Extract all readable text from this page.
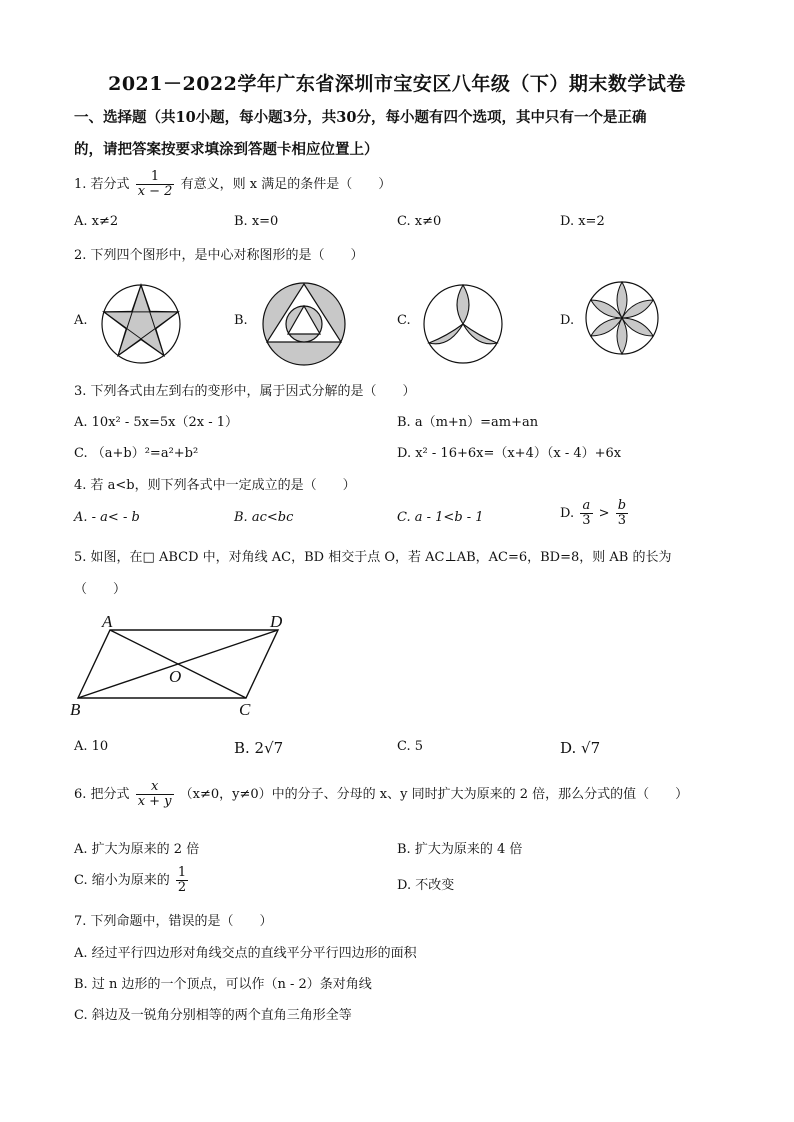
2021－2022学年广东省深圳市宝安区八年级（下）期末数学试卷
一、选择题（共10小题，每小题3分，共30分，每小题有四个选项，其中只有一个是正确
的，请把答案按要求填涂到答题卡相应位置上）
1. 若分式 $\frac{1}{x - 2}$ 有意义，则 x 满足的条件是（　　）
A. x≠2	B. x=0	C. x≠0	D. x=2
2. 下列四个图形中，是中心对称图形的是（　　）
A.	B.	C.	D.
3. 下列各式由左到右的变形中，属于因式分解的是（　　）
A. 10x² - 5x=5x（2x - 1）	B. a（m+n）=am+an
C. （a+b）²=a²+b²	D. x² - 16+6x=（x+4）（x - 4）+6x
4. 若 a<b，则下列各式中一定成立的是（　　）
A. - a< - b	B. ac<bc	C. a - 1<b - 1	D. $\frac{a}{3} > \frac{b}{3}$
5. 如图，在□ ABCD 中，对角线 AC，BD 相交于点 O，若 AC⊥AB，AC=6，BD=8，则 AB 的长为
（　　）
A	D
O
B	C
A. 10	B. 2√7	C. 5	D. √7
6. 把分式 $\frac{x}{x + y} (x\ne 0$，y≠0）中的分子、分母的 x、y 同时扩大为原来的 2 倍，那么分式的值（　　）
A. 扩大为原来的 2 倍	B. 扩大为原来的 4 倍
C. 缩小为原来的 $\frac{1}{2}$	D. 不改变
7. 下列命题中，错误的是（　　）
A. 经过平行四边形对角线交点的直线平分平行四边形的面积
B. 过 n 边形的一个顶点，可以作（n - 2）条对角线
C. 斜边及一锐角分别相等的两个直角三角形全等
